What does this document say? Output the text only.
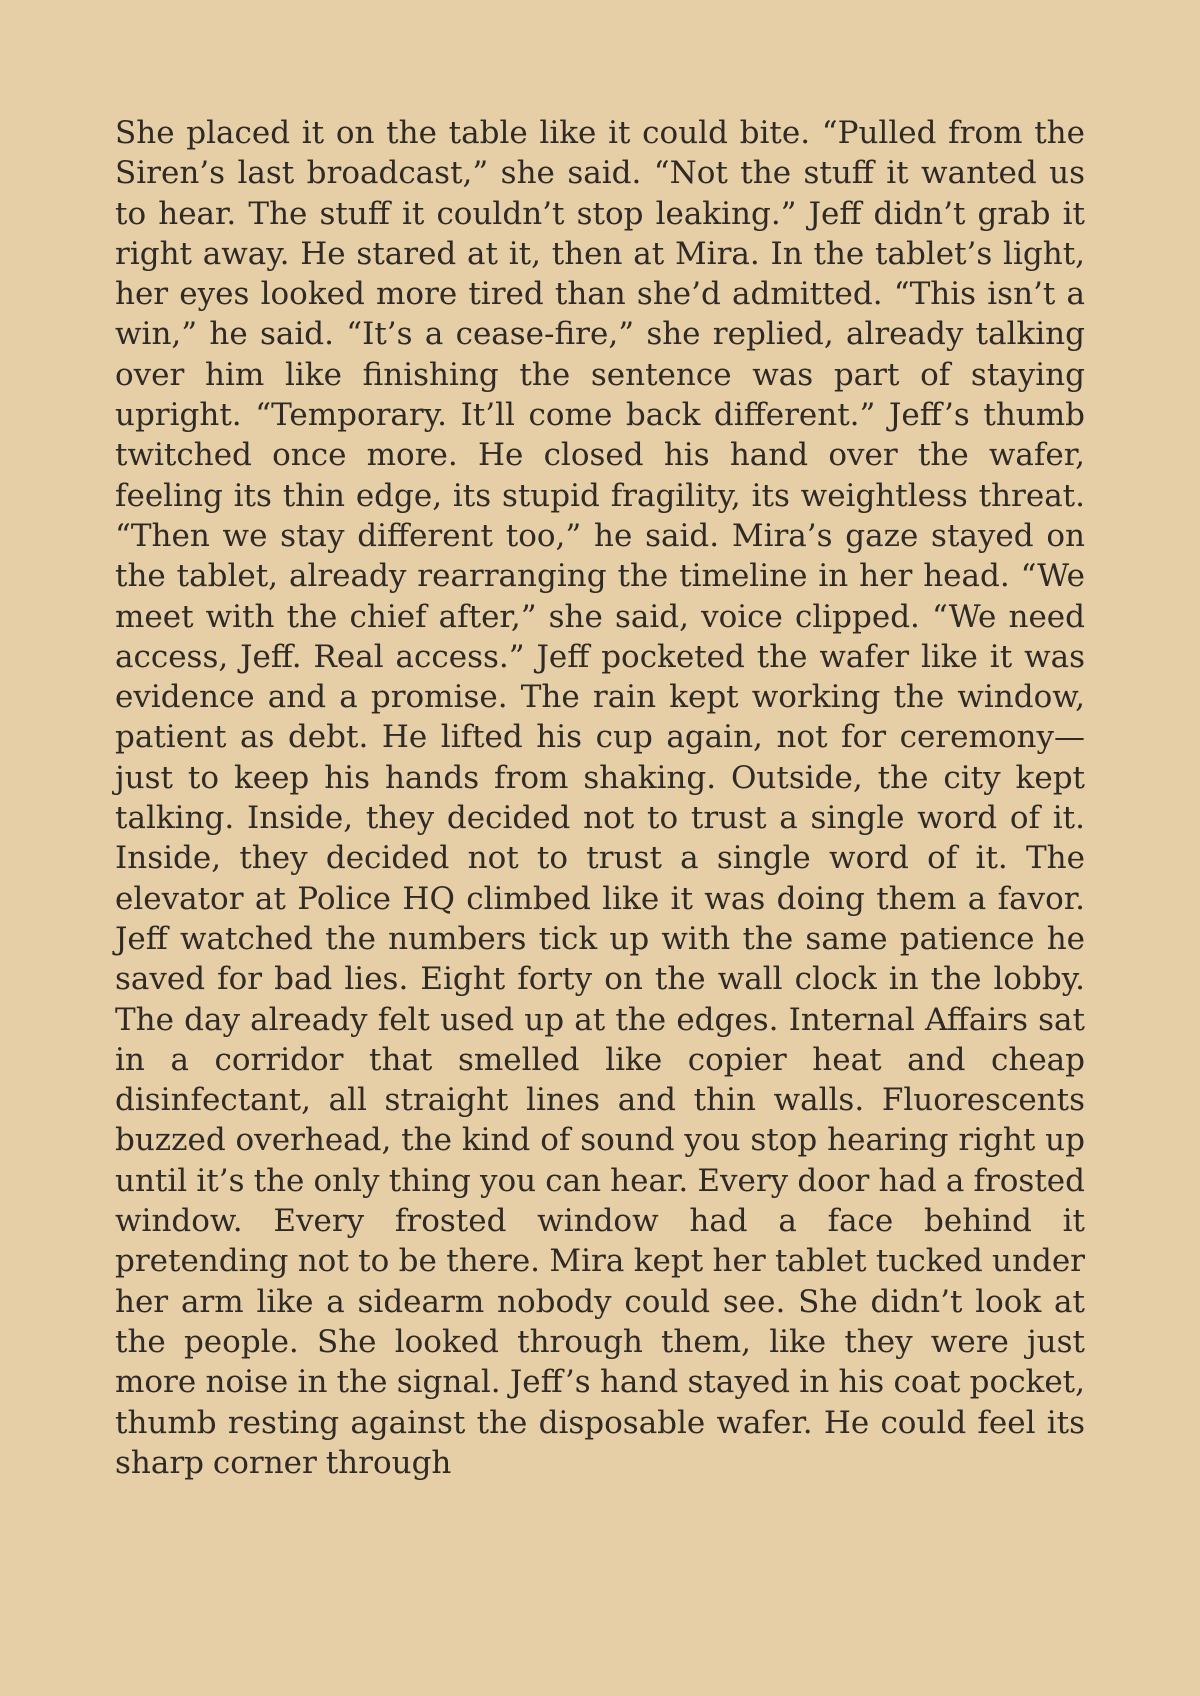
She placed it on the table like it could bite. “Pulled from the Siren’s last broadcast,” she said. “Not the stuff it wanted us to hear. The stuff it couldn’t stop leaking.” Jeff didn’t grab it right away. He stared at it, then at Mira. In the tablet’s light, her eyes looked more tired than she’d admitted. “This isn’t a win,” he said. “It’s a cease-fire,” she replied, already talking over him like finishing the sentence was part of staying upright. “Temporary. It’ll come back different.” Jeff’s thumb twitched once more. He closed his hand over the wafer, feeling its thin edge, its stupid fragility, its weightless threat. “Then we stay different too,” he said. Mira’s gaze stayed on the tablet, already rearranging the timeline in her head. “We meet with the chief after,” she said, voice clipped. “We need access, Jeff. Real access.” Jeff pocketed the wafer like it was evidence and a promise. The rain kept working the window, patient as debt. He lifted his cup again, not for ceremony—just to keep his hands from shaking. Outside, the city kept talking. Inside, they decided not to trust a single word of it. Inside, they decided not to trust a single word of it. The elevator at Police HQ climbed like it was doing them a favor. Jeff watched the numbers tick up with the same patience he saved for bad lies. Eight forty on the wall clock in the lobby. The day already felt used up at the edges. Internal Affairs sat in a corridor that smelled like copier heat and cheap disinfectant, all straight lines and thin walls. Fluorescents buzzed overhead, the kind of sound you stop hearing right up until it’s the only thing you can hear. Every door had a frosted window. Every frosted window had a face behind it pretending not to be there. Mira kept her tablet tucked under her arm like a sidearm nobody could see. She didn’t look at the people. She looked through them, like they were just more noise in the signal. Jeff’s hand stayed in his coat pocket, thumb resting against the disposable wafer. He could feel its sharp corner through
